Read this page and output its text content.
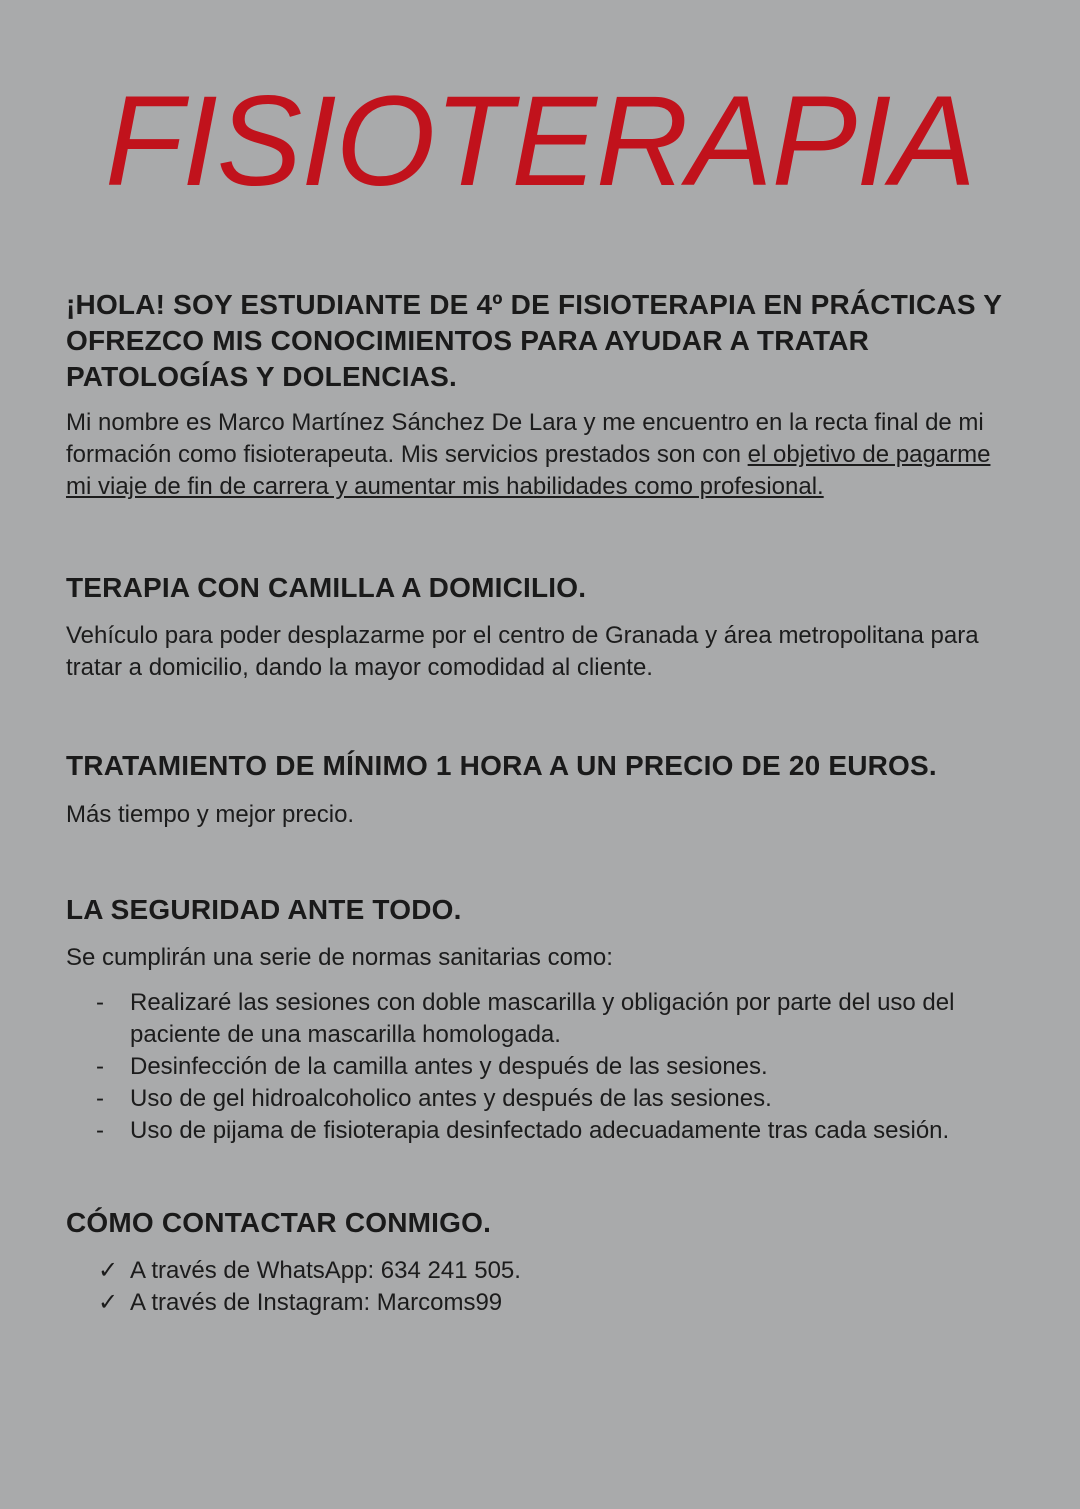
FISIOTERAPIA

¡HOLA! SOY ESTUDIANTE DE 4º DE FISIOTERAPIA EN PRÁCTICAS Y OFREZCO MIS CONOCIMIENTOS PARA AYUDAR A TRATAR PATOLOGÍAS Y DOLENCIAS.

Mi nombre es Marco Martínez Sánchez De Lara y me encuentro en la recta final de mi formación como fisioterapeuta. Mis servicios prestados son con el objetivo de pagarme mi viaje de fin de carrera y aumentar mis habilidades como profesional.

TERAPIA CON CAMILLA A DOMICILIO.

Vehículo para poder desplazarme por el centro de Granada y área metropolitana para tratar a domicilio, dando la mayor comodidad al cliente.

TRATAMIENTO DE MÍNIMO 1 HORA A UN PRECIO DE 20 EUROS.

Más tiempo y mejor precio.

LA SEGURIDAD ANTE TODO.

Se cumplirán una serie de normas sanitarias como:

- Realizaré las sesiones con doble mascarilla y obligación por parte del uso del paciente de una mascarilla homologada.
- Desinfección de la camilla antes y después de las sesiones.
- Uso de gel hidroalcoholico antes y después de las sesiones.
- Uso de pijama de fisioterapia desinfectado adecuadamente tras cada sesión.

CÓMO CONTACTAR CONMIGO.

✓ A través de WhatsApp: 634 241 505.
✓ A través de Instagram: Marcoms99
